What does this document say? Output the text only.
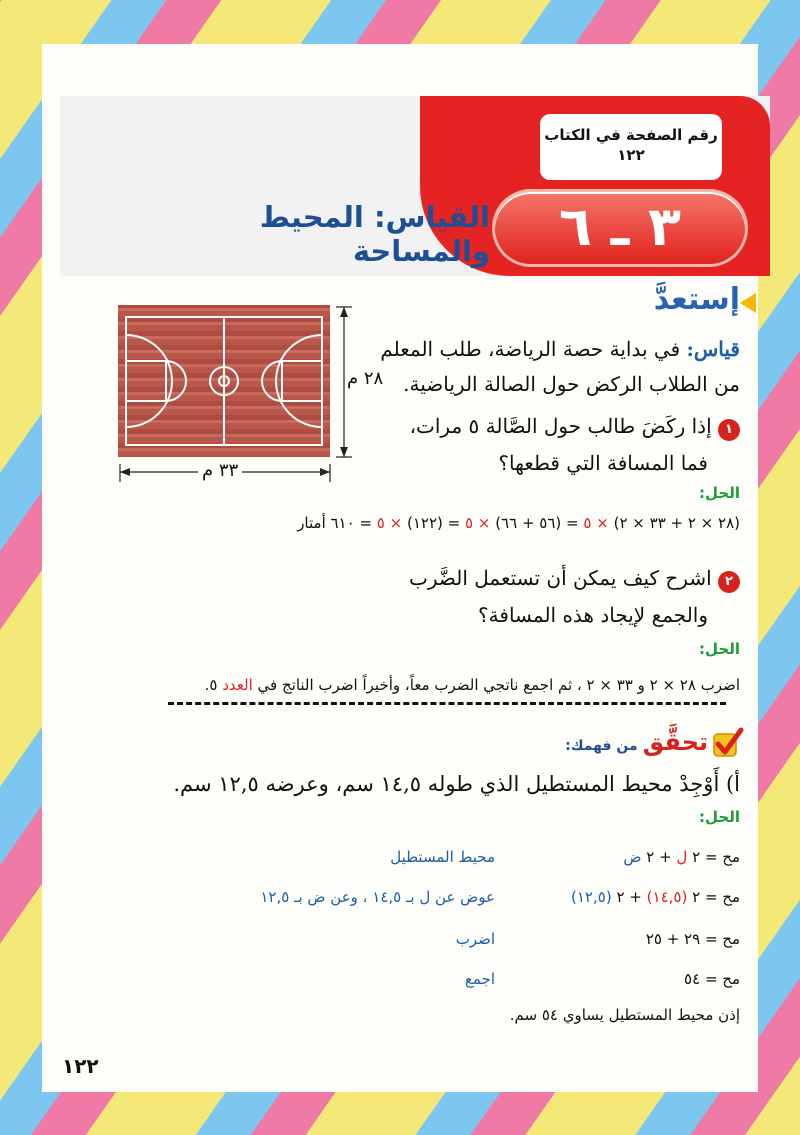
رقم الصفحة في الكتاب
١٢٢
٣ ـ ٦
القياس: المحيط والمساحة
إستعدَّ
٢٨ م
٣٣ م
قياس: في بداية حصة الرياضة، طلب المعلم
من الطلاب الركض حول الصالة الرياضية.
١ إذا ركَضَ طالب حول الصَّالة ٥ مرات،
فما المسافة التي قطعها؟
الحل:
(٢٨ × ٢ + ٣٣ × ٢) × ٥ = (٥٦ + ٦٦) × ٥ = (١٢٢) × ٥ = ٦١٠ أمتار
٢ اشرح كيف يمكن أن تستعمل الضَّرب
والجمع لإيجاد هذه المسافة؟
الحل:
اضرب ٢٨ × ٢ و ٣٣ × ٢ ، ثم اجمع ناتجي الضرب معاً، وأخيراً اضرب الناتج في العدد ٥.
تحقَّق من فهمك:
أ) أَوْجِدْ محيط المستطيل الذي طوله ١٤,٥ سم، وعرضه ١٢,٥ سم.
الحل:
مح = ٢ ل + ٢ ض
محيط المستطيل
مح = ٢ (١٤,٥) + ٢ (١٢,٥)
عوض عن ل بـ ١٤,٥ ، وعن ض بـ ١٢,٥
مح = ٢٩ + ٢٥
اضرب
مح = ٥٤
اجمع
إذن محيط المستطيل يساوي ٥٤ سم.
١٢٢
